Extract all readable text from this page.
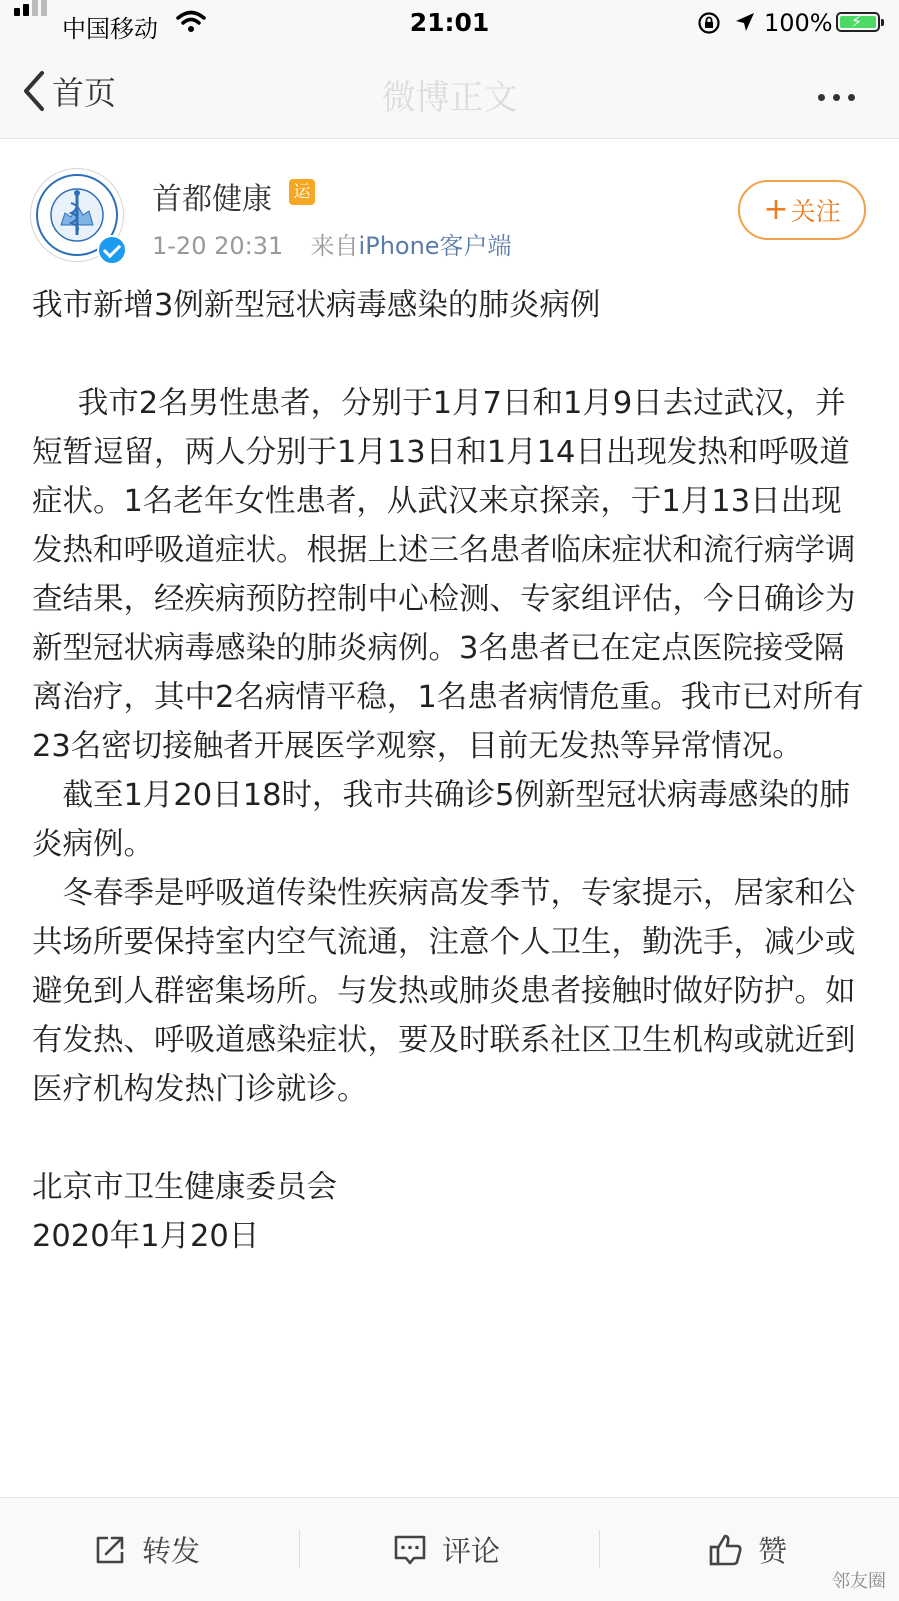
中国移动	21:01	100% ⚡
首页	微博正文
首都健康 运
1-20 20:31 来自iPhone客户端
+ 关注

我市新增3例新型冠状病毒感染的肺炎病例

我市2名男性患者，分别于1月7日和1月9日去过武汉，并短暂逗留，两人分别于1月13日和1月14日出现发热和呼吸道症状。1名老年女性患者，从武汉来京探亲，于1月13日出现发热和呼吸道症状。根据上述三名患者临床症状和流行病学调查结果，经疾病预防控制中心检测、专家组评估，今日确诊为新型冠状病毒感染的肺炎病例。3名患者已在定点医院接受隔离治疗，其中2名病情平稳，1名患者病情危重。我市已对所有23名密切接触者开展医学观察，目前无发热等异常情况。

截至1月20日18时，我市共确诊5例新型冠状病毒感染的肺炎病例。

冬春季是呼吸道传染性疾病高发季节，专家提示，居家和公共场所要保持室内空气流通，注意个人卫生，勤洗手，减少或避免到人群密集场所。与发热或肺炎患者接触时做好防护。如有发热、呼吸道感染症状，要及时联系社区卫生机构或就近到医疗机构发热门诊就诊。

北京市卫生健康委员会

2020年1月20日

转发	评论	赞
邻友圈
